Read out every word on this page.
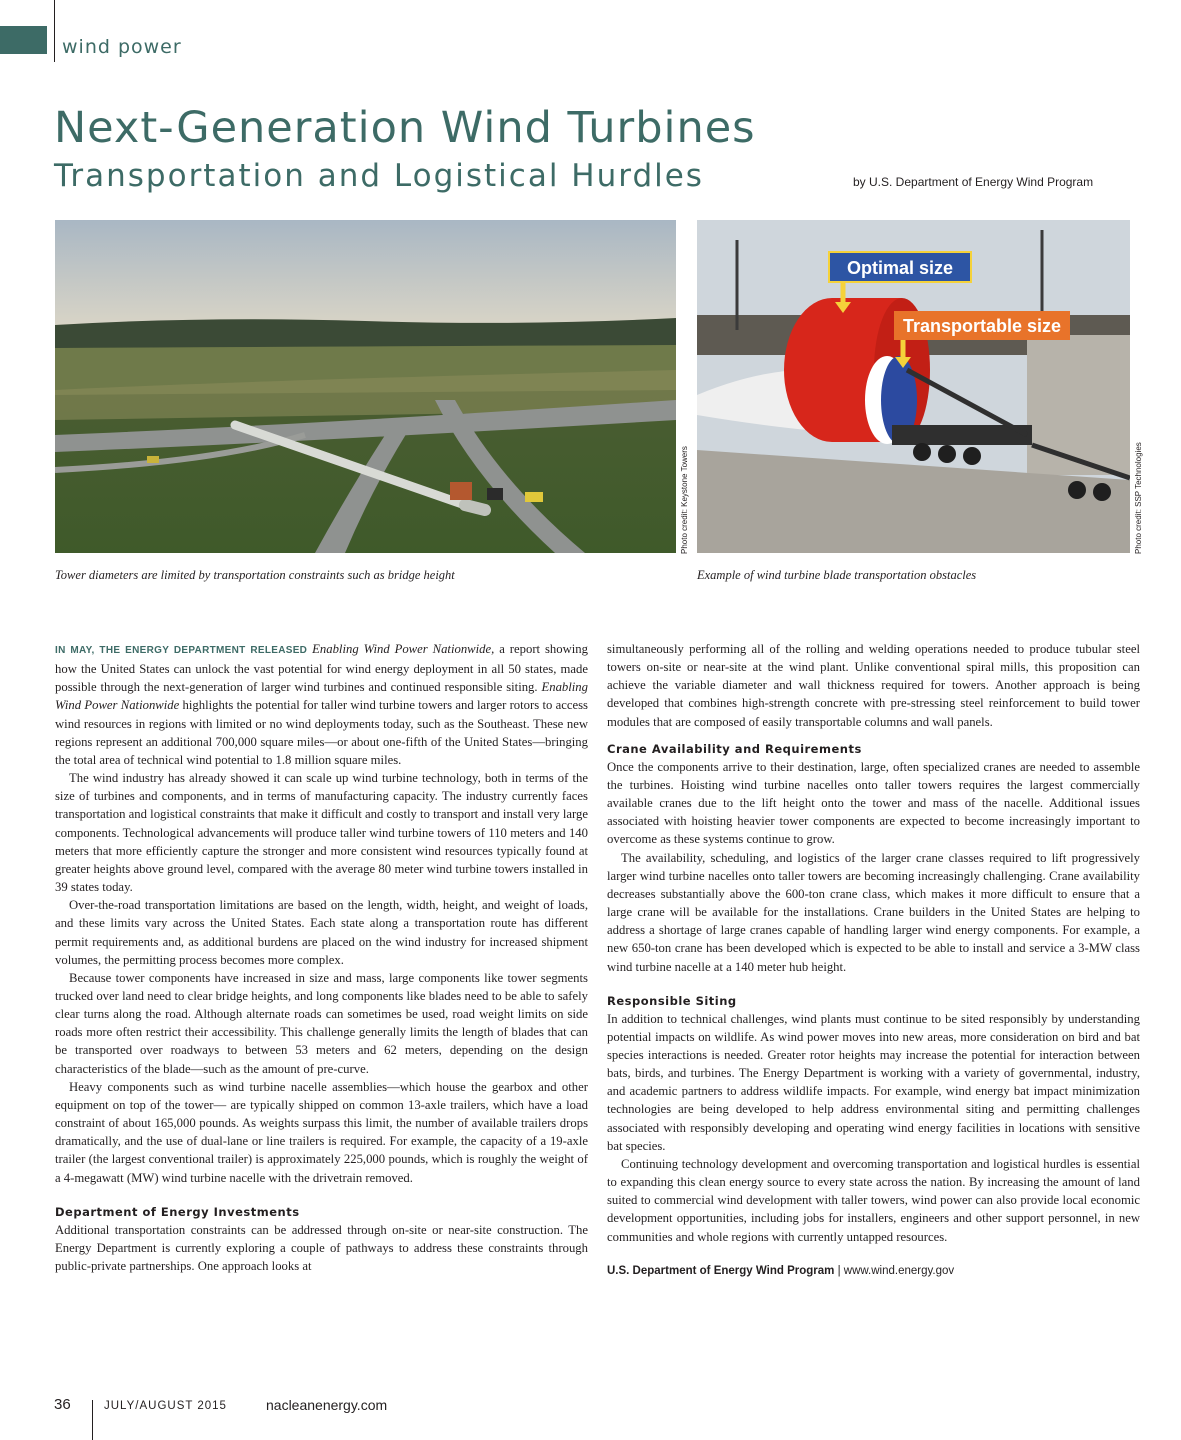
wind power
Next-Generation Wind Turbines
Transportation and Logistical Hurdles	by U.S. Department of Energy Wind Program
Photo credit: Keystone Towers
Optimal size
Transportable size
Photo credit: SSP Technologies
Tower diameters are limited by transportation constraints such as bridge height	Example of wind turbine blade transportation obstacles

IN MAY, THE ENERGY DEPARTMENT RELEASED Enabling Wind Power Nationwide, a report showing how the United States can unlock the vast potential for wind energy deployment in all 50 states, made possible through the next-generation of larger wind turbines and continued responsible siting. Enabling Wind Power Nationwide highlights the potential for taller wind turbine towers and larger rotors to access wind resources in regions with limited or no wind deployments today, such as the Southeast. These new regions represent an additional 700,000 square miles—or about one-fifth of the United States—bringing the total area of technical wind potential to 1.8 million square miles.

The wind industry has already showed it can scale up wind turbine technology, both in terms of the size of turbines and components, and in terms of manufacturing capacity. The industry currently faces transportation and logistical constraints that make it difficult and costly to transport and install very large components. Technological advancements will produce taller wind turbine towers of 110 meters and 140 meters that more efficiently capture the stronger and more consistent wind resources typically found at greater heights above ground level, compared with the average 80 meter wind turbine towers installed in 39 states today.

Over-the-road transportation limitations are based on the length, width, height, and weight of loads, and these limits vary across the United States. Each state along a transportation route has different permit requirements and, as additional burdens are placed on the wind industry for increased shipment volumes, the permitting process becomes more complex.

Because tower components have increased in size and mass, large components like tower segments trucked over land need to clear bridge heights, and long components like blades need to be able to safely clear turns along the road. Although alternate roads can sometimes be used, road weight limits on side roads more often restrict their accessibility. This challenge generally limits the length of blades that can be transported over roadways to between 53 meters and 62 meters, depending on the design characteristics of the blade—such as the amount of pre-curve.

Heavy components such as wind turbine nacelle assemblies—which house the gearbox and other equipment on top of the tower— are typically shipped on common 13-axle trailers, which have a load constraint of about 165,000 pounds. As weights surpass this limit, the number of available trailers drops dramatically, and the use of dual-lane or line trailers is required. For example, the capacity of a 19-axle trailer (the largest conventional trailer) is approximately 225,000 pounds, which is roughly the weight of a 4-megawatt (MW) wind turbine nacelle with the drivetrain removed.

Department of Energy Investments

Additional transportation constraints can be addressed through on-site or near-site construction. The Energy Department is currently exploring a couple of pathways to address these constraints through public-private partnerships. One approach looks at

simultaneously performing all of the rolling and welding operations needed to produce tubular steel towers on-site or near-site at the wind plant. Unlike conventional spiral mills, this proposition can achieve the variable diameter and wall thickness required for towers. Another approach is being developed that combines high-strength concrete with pre-stressing steel reinforcement to build tower modules that are composed of easily transportable columns and wall panels.

Crane Availability and Requirements

Once the components arrive to their destination, large, often specialized cranes are needed to assemble the turbines. Hoisting wind turbine nacelles onto taller towers requires the largest commercially available cranes due to the lift height onto the tower and mass of the nacelle. Additional issues associated with hoisting heavier tower components are expected to become increasingly important to overcome as these systems continue to grow.

The availability, scheduling, and logistics of the larger crane classes required to lift progressively larger wind turbine nacelles onto taller towers are becoming increasingly challenging. Crane availability decreases substantially above the 600-ton crane class, which makes it more difficult to ensure that a large crane will be available for the installations. Crane builders in the United States are helping to address a shortage of large cranes capable of handling larger wind energy components. For example, a new 650-ton crane has been developed which is expected to be able to install and service a 3-MW class wind turbine nacelle at a 140 meter hub height.

Responsible Siting

In addition to technical challenges, wind plants must continue to be sited responsibly by understanding potential impacts on wildlife. As wind power moves into new areas, more consideration on bird and bat species interactions is needed. Greater rotor heights may increase the potential for interaction between bats, birds, and turbines. The Energy Department is working with a variety of governmental, industry, and academic partners to address wildlife impacts. For example, wind energy bat impact minimization technologies are being developed to help address environmental siting and permitting challenges associated with responsibly developing and operating wind energy facilities in locations with sensitive bat species.

Continuing technology development and overcoming transportation and logistical hurdles is essential to expanding this clean energy source to every state across the nation. By increasing the amount of land suited to commercial wind development with taller towers, wind power can also provide local economic development opportunities, including jobs for installers, engineers and other support personnel, in new communities and whole regions with currently untapped resources.

U.S. Department of Energy Wind Program | www.wind.energy.gov
36	JULY/AUGUST 2015	nacleanenergy.com
